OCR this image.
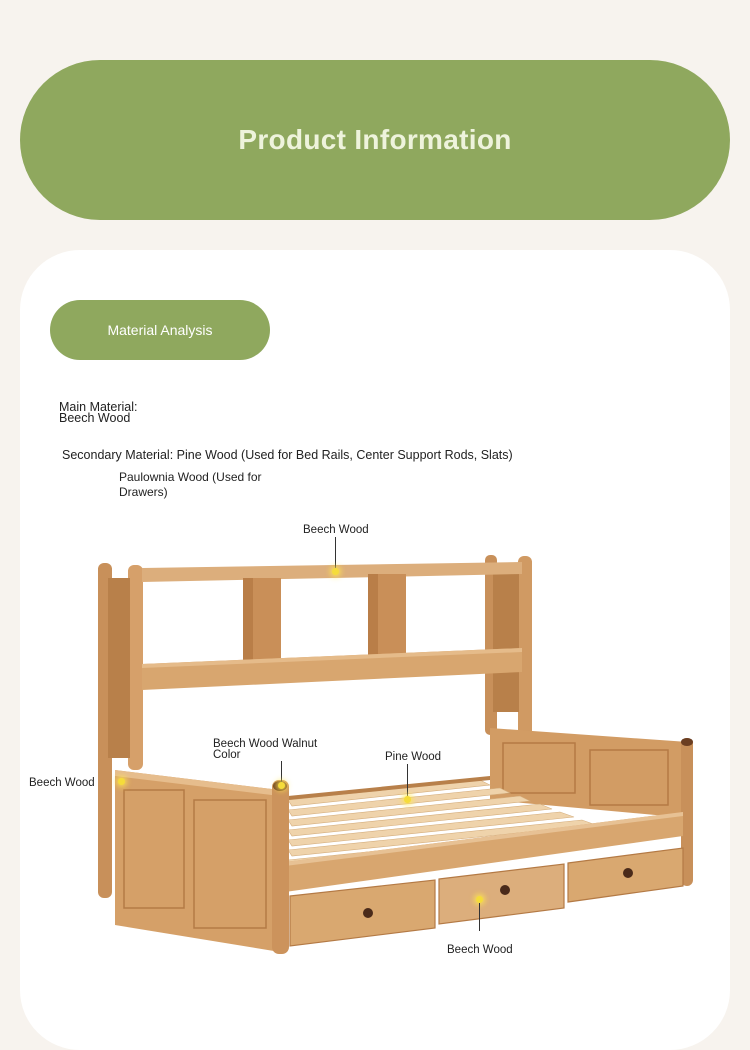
Product Information
Material Analysis
Main Material:
Beech Wood
Secondary Material: Pine Wood (Used for Bed Rails, Center Support Rods, Slats)
Paulownia Wood (Used for
Drawers)
Beech Wood
Beech Wood
Beech Wood Walnut
Color	Pine Wood
Beech Wood
